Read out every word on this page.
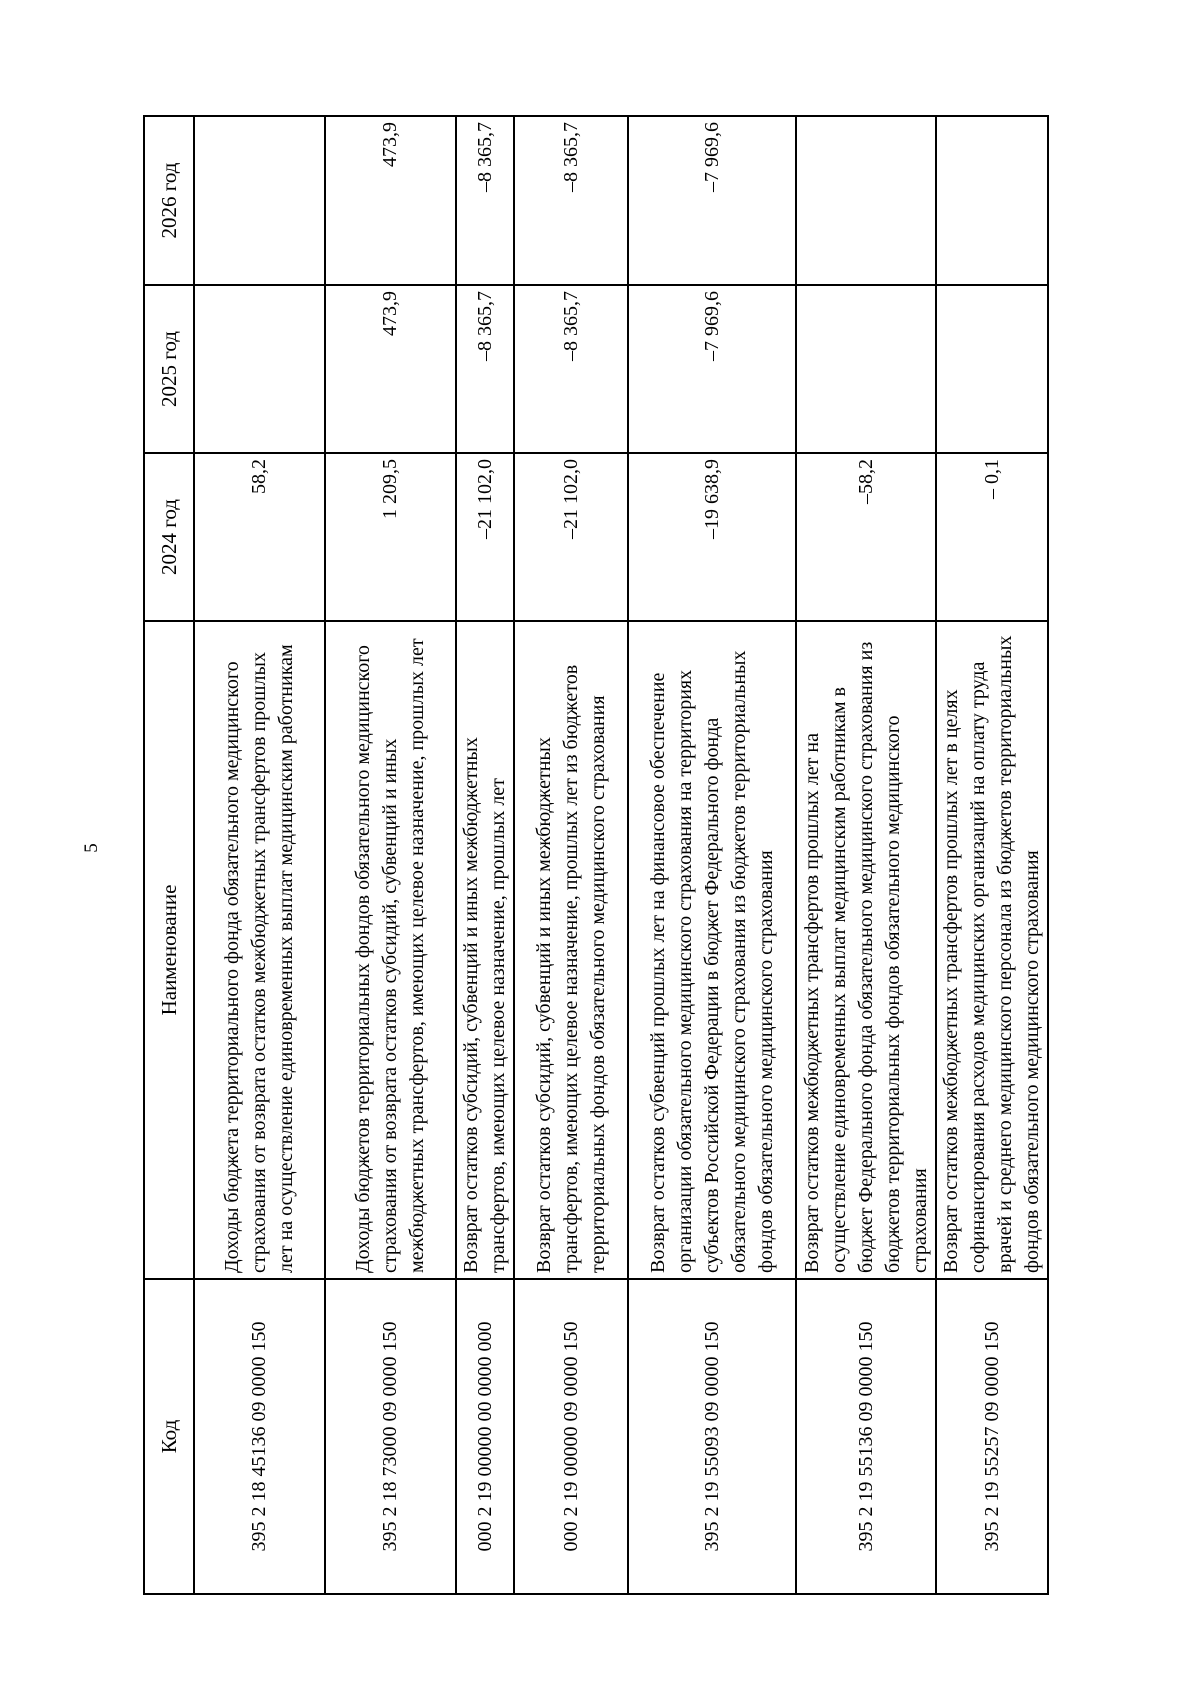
5
Код	Наименование	2024 год	2025 год	2026 год
395 2 18 45136 09 0000 150	Доходы бюджета территориального фонда обязательного медицинского страхования от возврата остатков межбюджетных трансфертов прошлых лет на осуществление единовременных выплат медицинским работникам	58,2		
395 2 18 73000 09 0000 150	Доходы бюджетов территориальных фондов обязательного медицинского страхования от возврата остатков субсидий, субвенций и иных межбюджетных трансфертов, имеющих целевое назначение, прошлых лет	1 209,5	473,9	473,9
000 2 19 00000 00 0000 000	Возврат остатков субсидий, субвенций и иных межбюджетных трансфертов, имеющих целевое назначение, прошлых лет	–21 102,0	–8 365,7	–8 365,7
000 2 19 00000 09 0000 150	Возврат остатков субсидий, субвенций и иных межбюджетных трансфертов, имеющих целевое назначение, прошлых лет из бюджетов территориальных фондов обязательного медицинского страхования	–21 102,0	–8 365,7	–8 365,7
395 2 19 55093 09 0000 150	Возврат остатков субвенций прошлых лет на финансовое обеспечение организации обязательного медицинского страхования на территориях субъектов Российской Федерации в бюджет Федерального фонда обязательного медицинского страхования из бюджетов территориальных фондов обязательного медицинского страхования	–19 638,9	–7 969,6	–7 969,6
395 2 19 55136 09 0000 150	Возврат остатков межбюджетных трансфертов прошлых лет на осуществление единовременных выплат медицинским работникам в бюджет Федерального фонда обязательного медицинского страхования из бюджетов территориальных фондов обязательного медицинского страхования	–58,2		
395 2 19 55257 09 0000 150	Возврат остатков межбюджетных трансфертов прошлых лет в целях софинансирования расходов медицинских организаций на оплату труда врачей и среднего медицинского персонала из бюджетов территориальных фондов обязательного медицинского страхования	– 0,1		
